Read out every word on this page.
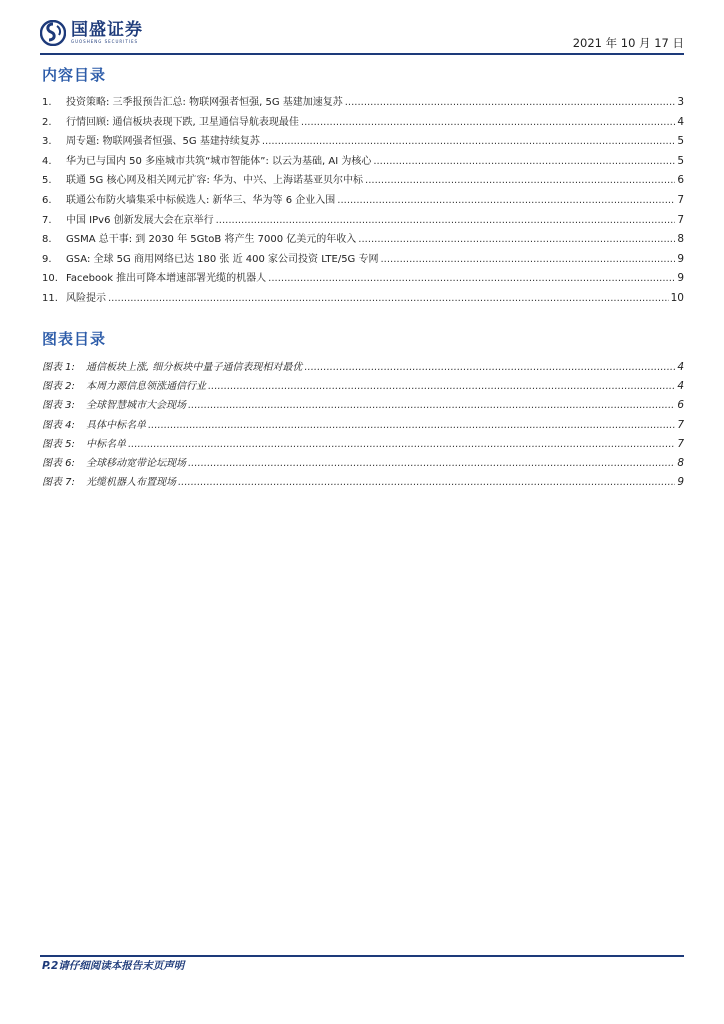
国盛证券
GUOSHENG SECURITIES	2021 年 10 月 17 日
内容目录
1.	投资策略: 三季报预告汇总: 物联网强者恒强, 5G 基建加速复苏 .....	3
2.	行情回顾: 通信板块表现下跌, 卫星通信导航表现最佳 .....	4
3.	周专题: 物联网强者恒强、5G 基建持续复苏 .....	5
4.	华为已与国内 50 多座城市共筑“城市智能体”: 以云为基础, AI 为核心 .....	5
5.	联通 5G 核心网及相关网元扩容: 华为、中兴、上海诺基亚贝尔中标 .....	6
6.	联通公布防火墙集采中标候选人: 新华三、华为等 6 企业入围 .....	7
7.	中国 IPv6 创新发展大会在京举行 .....	7
8.	GSMA 总干事: 到 2030 年 5GtoB 将产生 7000 亿美元的年收入 .....	8
9.	GSA: 全球 5G 商用网络已达 180 张 近 400 家公司投资 LTE/5G 专网 .....	9
10. Facebook 推出可降本增速部署光缆的机器人 .....	9
11. 风险提示 .....	10
图表目录
图表 1:	通信板块上涨, 细分板块中量子通信表现相对最优 .....	4
图表 2:	本周力源信息领涨通信行业 .....	4
图表 3:	全球智慧城市大会现场 .....	6
图表 4:	具体中标名单 .....	7
图表 5:	中标名单 .....	7
图表 6:	全球移动宽带论坛现场 .....	8
图表 7:	光缆机器人布置现场 .....	9
P.2请仔细阅读本报告末页声明
